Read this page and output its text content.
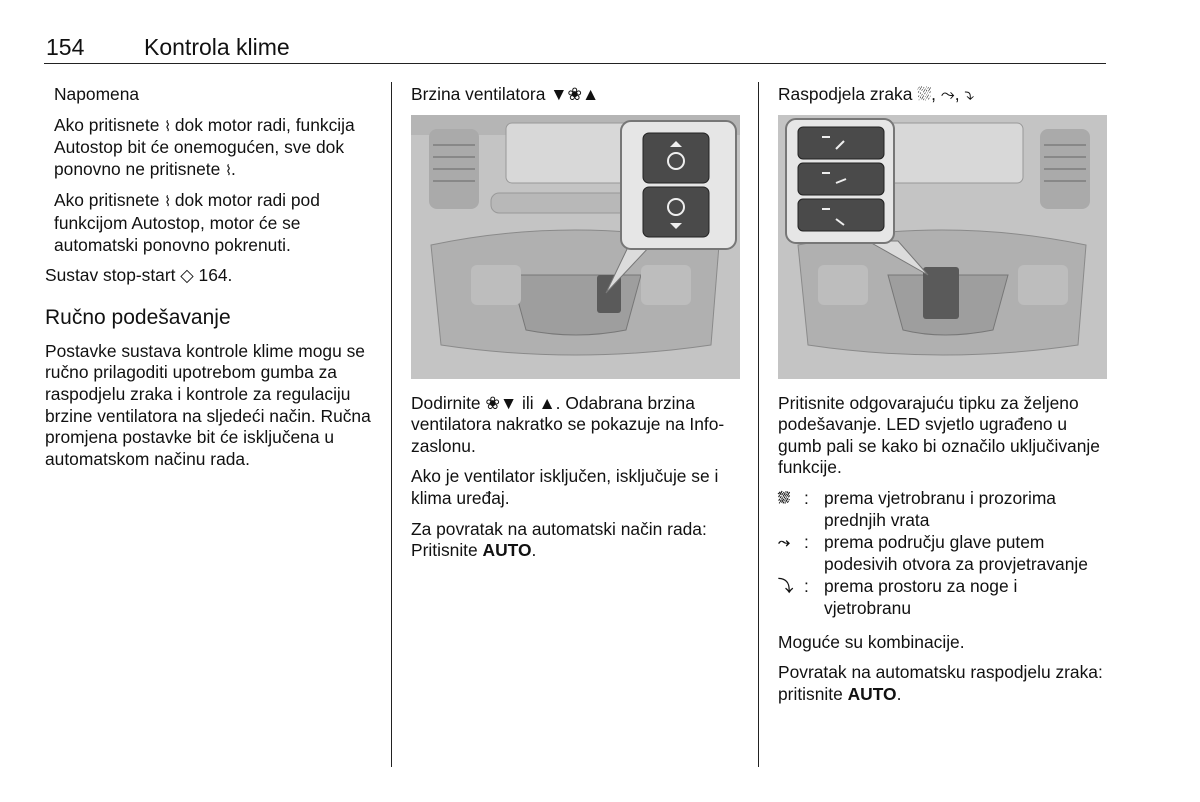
154	Kontrola klime

Napomena

Ako pritisnete ⌇ dok motor radi, funkcija Autostop bit će onemogućen, sve dok ponovno ne pritisnete ⌇.

Ako pritisnete ⌇ dok motor radi pod funkcijom Autostop, motor će se automatski ponovno pokrenuti.

Sustav stop-start ◇ 164.

Ručno podešavanje

Postavke sustava kontrole klime mogu se ručno prilagoditi upotrebom gumba za raspodjelu zraka i kontrole za regulaciju brzine ventilatora na sljedeći način. Ručna promjena postavke bit će isključena u automatskom načinu rada.

Brzina ventilatora ▼❀▲

Dodirnite ❀▼ ili ▲. Odabrana brzina ventilatora nakratko se pokazuje na Info-zaslonu.

Ako je ventilator isključen, isključuje se i klima uređaj.

Za povratak na automatski način rada: Pritisnite AUTO.

Raspodjela zraka ⛆, ⤳, ⤵

Pritisnite odgovarajuću tipku za željeno podešavanje. LED svjetlo ugrađeno u gumb pali se kako bi označilo uključivanje funkcije.

⛆ : prema vjetrobranu i prozorima prednjih vrata
⤳ : prema području glave putem podesivih otvora za provjetravanje
⤵ : prema prostoru za noge i vjetrobranu

Moguće su kombinacije.

Povratak na automatsku raspodjelu zraka: pritisnite AUTO.
